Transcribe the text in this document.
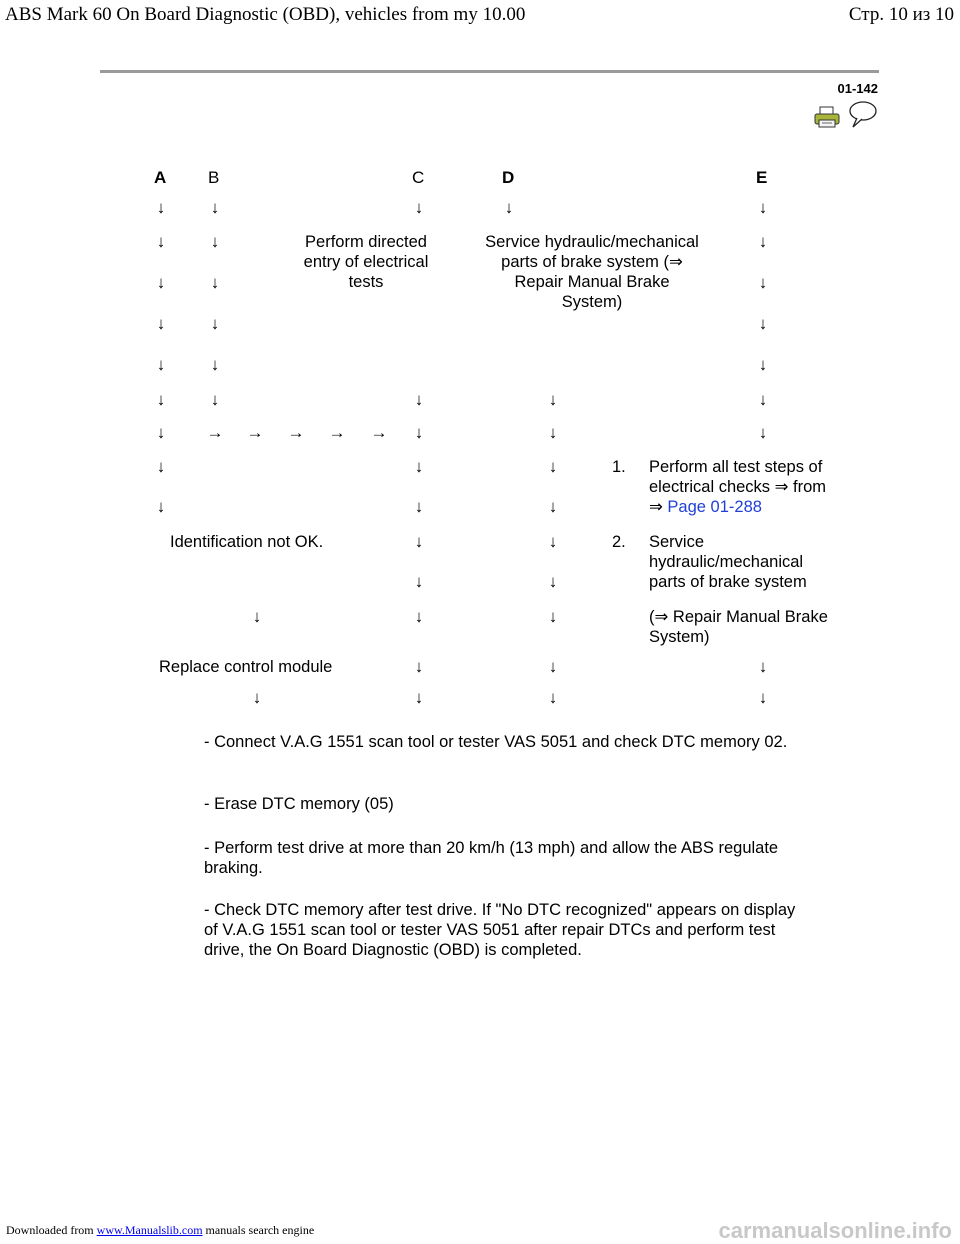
ABS Mark 60 On Board Diagnostic (OBD), vehicles from my 10.00	Стр. 10 из 10
01-142
A B	C	D	E
↓
↓
↓
↓
↓
↓
↓
↓
↓
↓
↓
↓
↓
↓
↓
→ → → → →
↓
Perform directed entry of electrical tests
↓
↓
↓
↓
↓
↓
↓
↓
↓
↓
Service hydraulic/mechanical parts of brake system (⇒ Repair Manual Brake System)
↓
↓
↓
↓
↓
↓
↓
↓
↓
↓
↓
↓
↓
↓
↓
↓
1. Perform all test steps of electrical checks ⇒ from ⇒ Page 01-288
2. Service hydraulic/mechanical parts of brake system
(⇒ Repair Manual Brake System)
Identification not OK.
↓
Replace control module
↓
↓
↓
- Connect V.A.G 1551 scan tool or tester VAS 5051 and check DTC memory 02.
- Erase DTC memory (05)
- Perform test drive at more than 20 km/h (13 mph) and allow the ABS regulate braking.
- Check DTC memory after test drive. If "No DTC recognized" appears on display of V.A.G 1551 scan tool or tester VAS 5051 after repair DTCs and perform test drive, the On Board Diagnostic (OBD) is completed.
Downloaded from www.Manualslib.com manuals search engine	carmanualsonline.info
